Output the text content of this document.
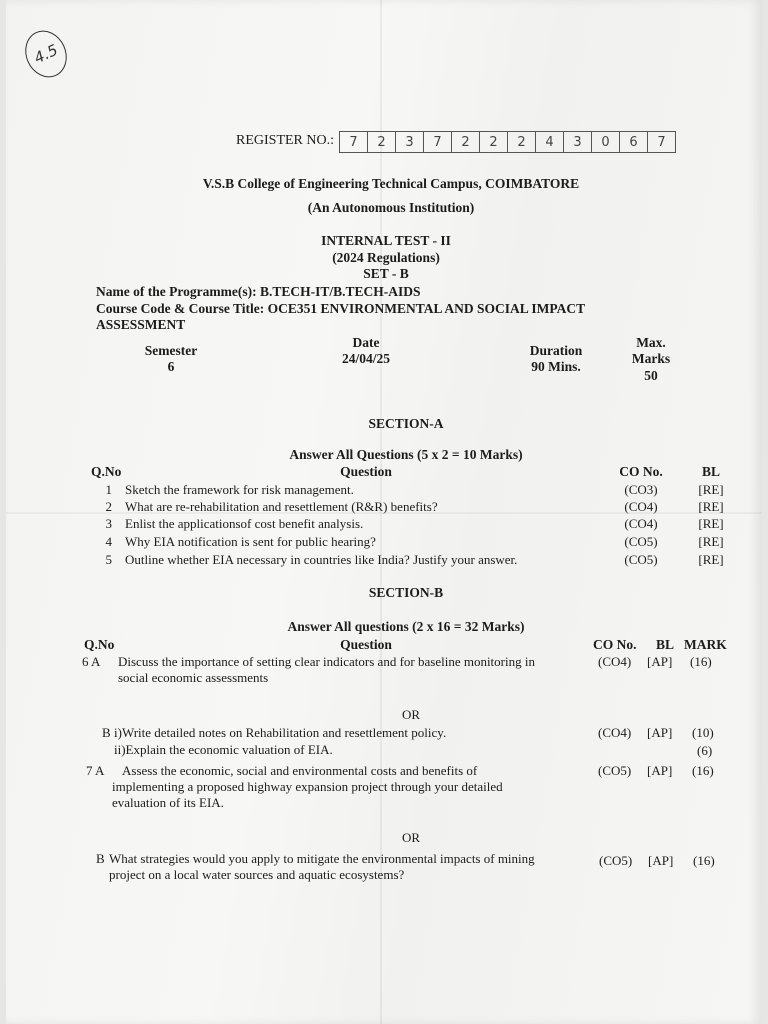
4.5
REGISTER NO.:	7	2	3	7	2	2	2	4	3	0	6	7
V.S.B College of Engineering Technical Campus, COIMBATORE
(An Autonomous Institution)
INTERNAL TEST - II
(2024 Regulations)
SET - B
Name of the Programme(s): B.TECH-IT/B.TECH-AIDS
Course Code & Course Title: OCE351 ENVIRONMENTAL AND SOCIAL IMPACT
ASSESSMENT
Semester
6
Date
24/04/25
Duration
90 Mins.
Max.
Marks
50
SECTION-A
Answer All Questions (5 x 2 = 10 Marks)
Q.No	Question	CO No.	BL
1 Sketch the framework for risk management.	(CO3)	[RE]
2 What are re-rehabilitation and resettlement (R&R) benefits?	(CO4)	[RE]
3 Enlist the applicationsof cost benefit analysis.	(CO4)	[RE]
4 Why EIA notification is sent for public hearing?	(CO5)	[RE]
5 Outline whether EIA necessary in countries like India? Justify your answer.	(CO5)	[RE]
SECTION-B
Answer All questions (2 x 16 = 32 Marks)
Q.No	Question	CO No. BL MARK
6 A Discuss the importance of setting clear indicators and for baseline monitoring in
social economic assessments
(CO4) [AP] (16)
OR
B i)Write detailed notes on Rehabilitation and resettlement policy.
ii)Explain the economic valuation of EIA.
(CO4) [AP] (10)
(6)
7 A Assess the economic, social and environmental costs and benefits of
implementing a proposed highway expansion project through your detailed
evaluation of its EIA.
(CO5) [AP] (16)
OR
B What strategies would you apply to mitigate the environmental impacts of mining
project on a local water sources and aquatic ecosystems?
(CO5) [AP] (16)
